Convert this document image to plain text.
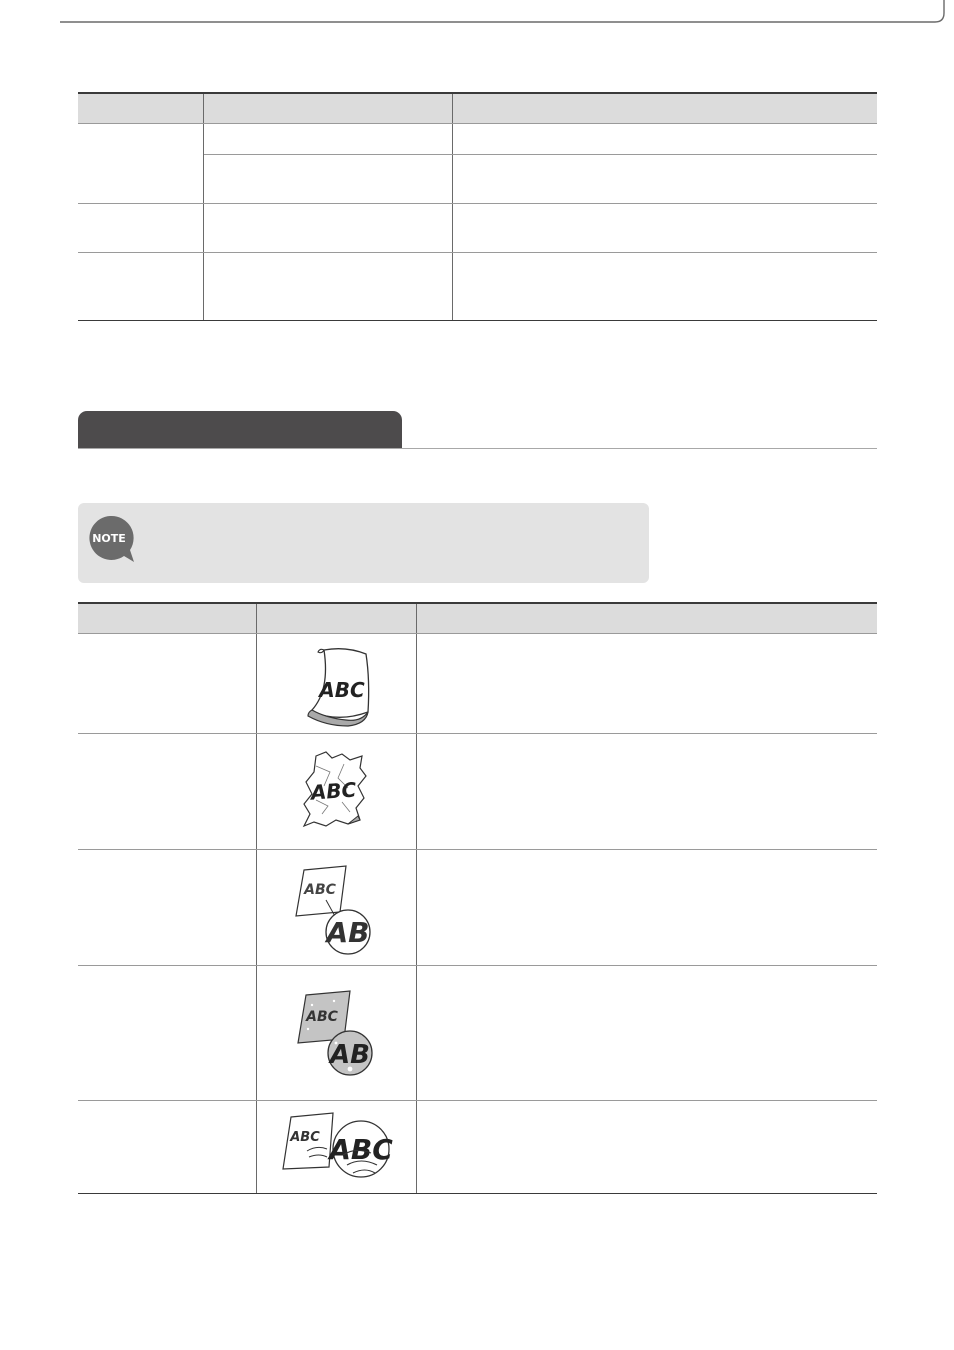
NOTE

ABC	

ABC	

ABC
AB	

ABC
AB	

ABC ABC	
